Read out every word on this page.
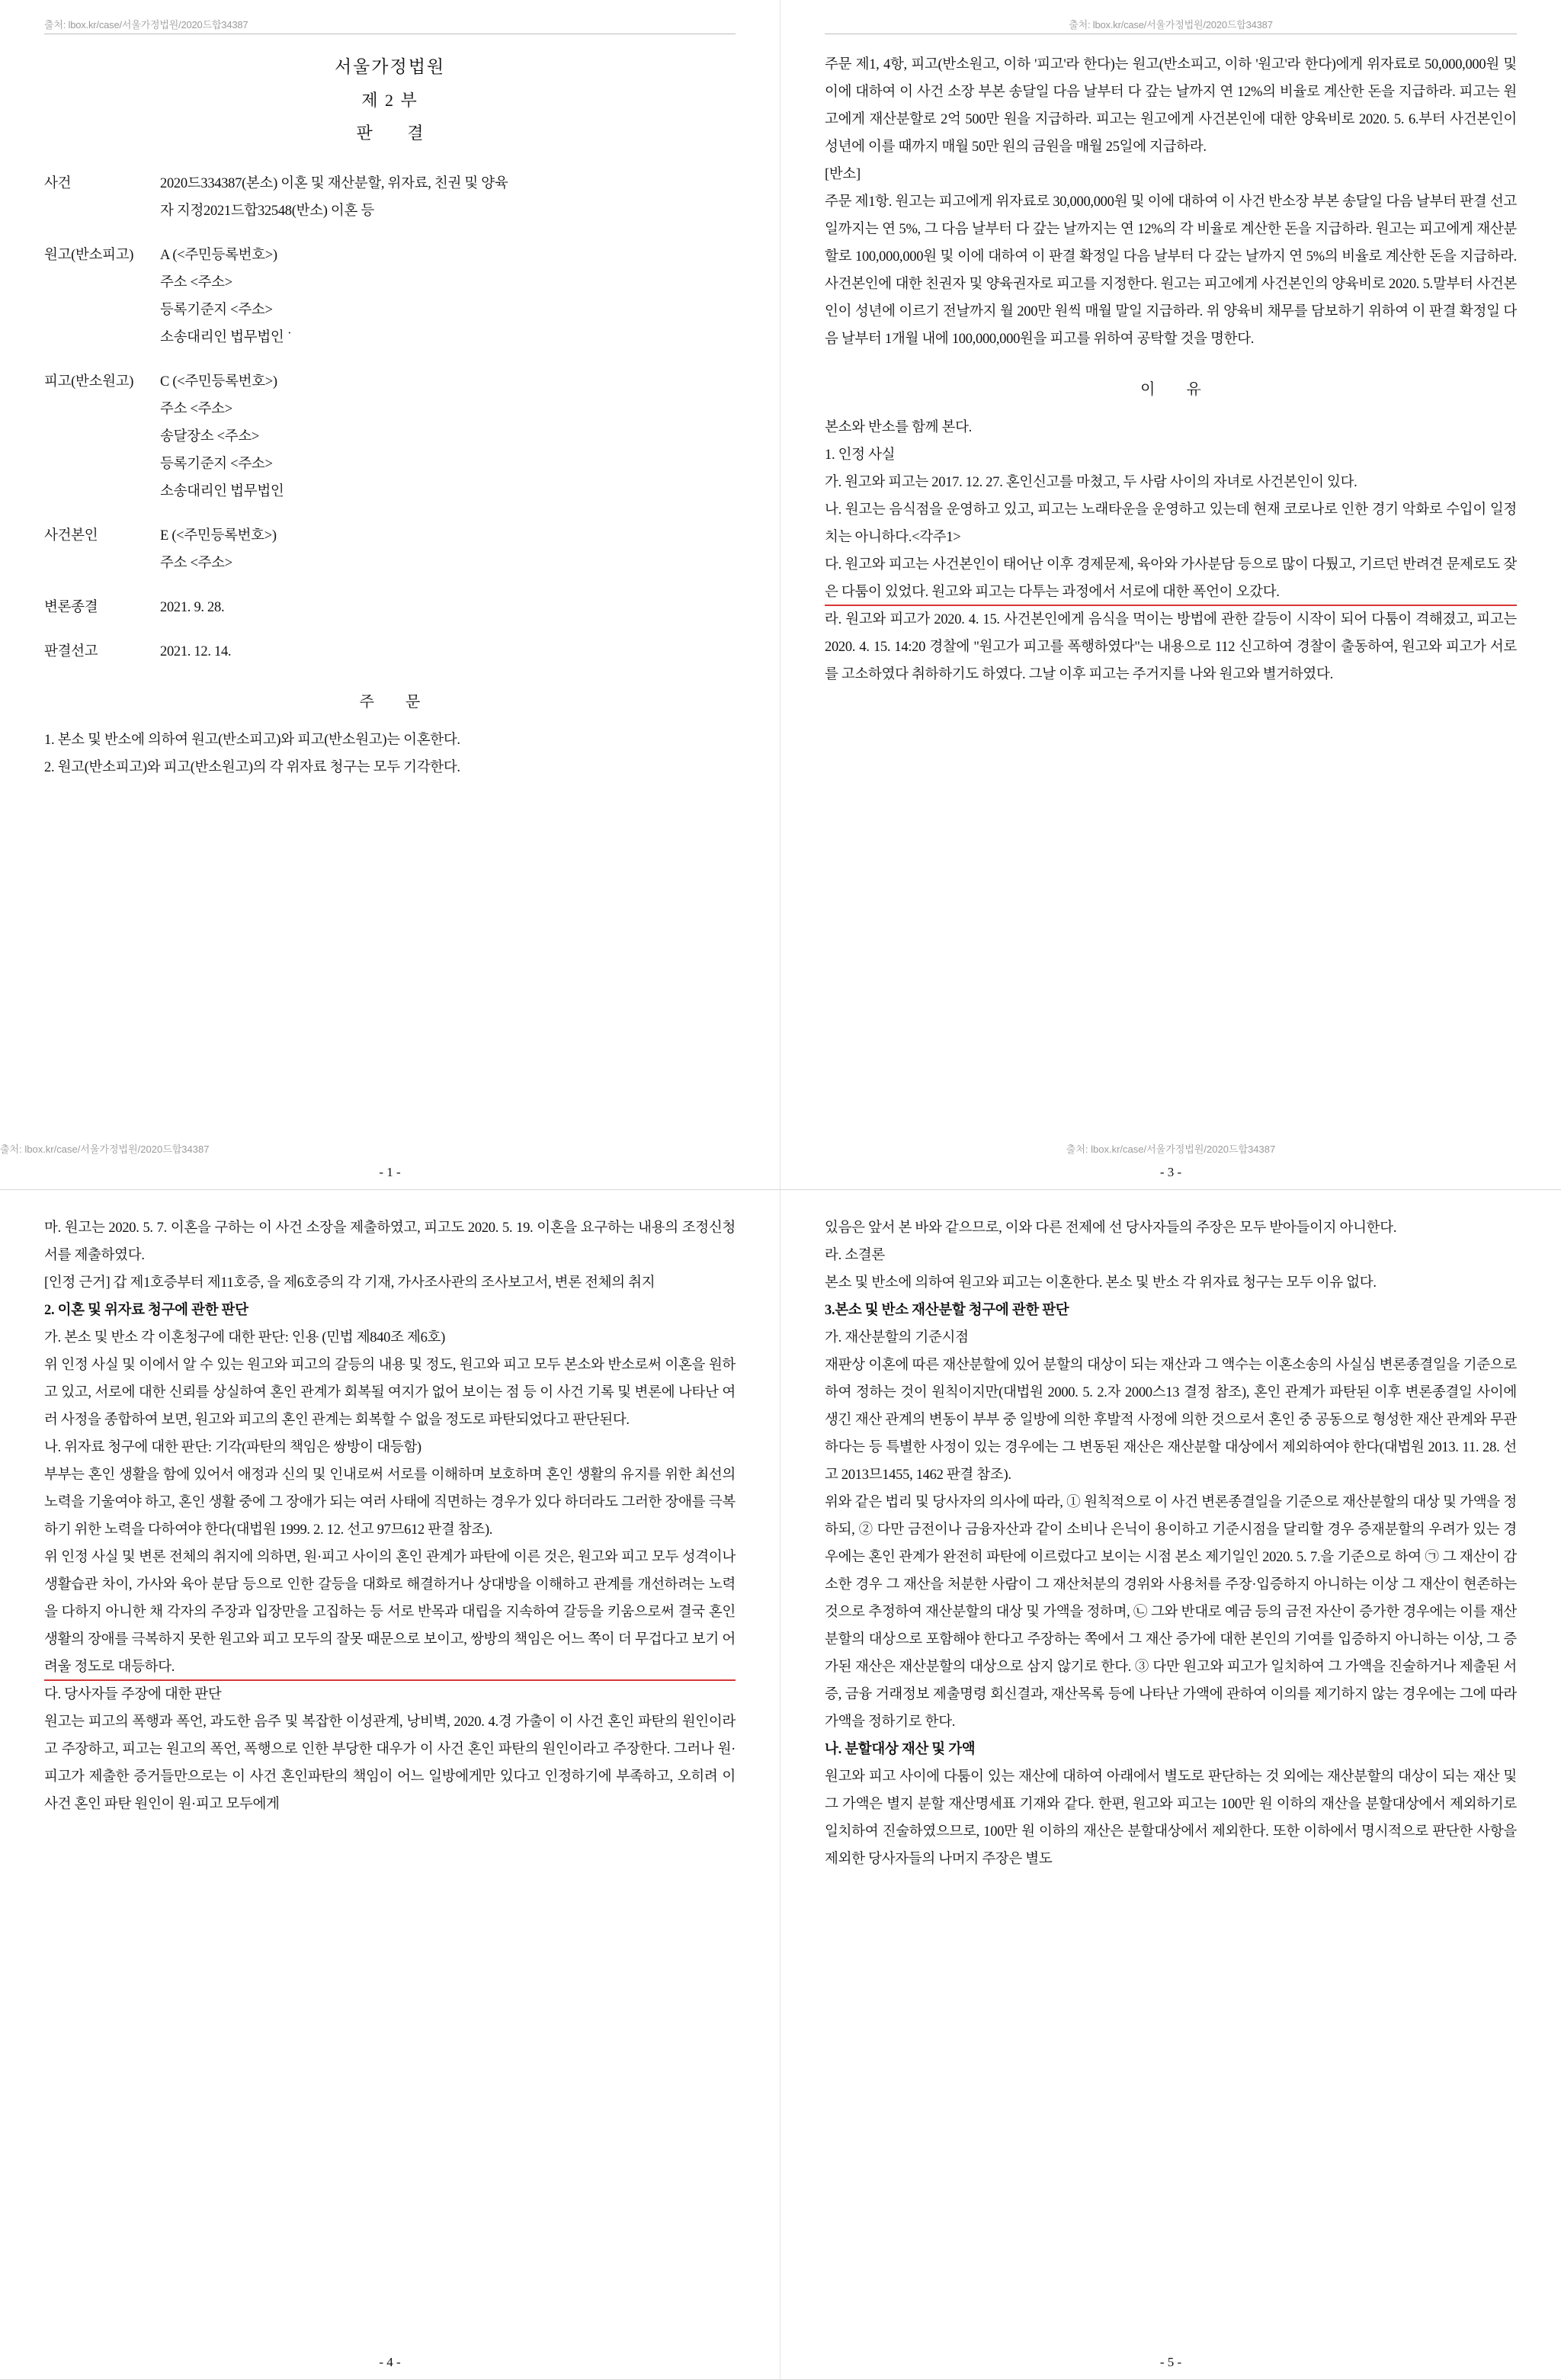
출처: lbox.kr/case/서울가정법원/2020드합34387
서울가정법원
제 2 부
판 결
사건	2020드334387(본소) 이혼 및 재산분할, 위자료, 친권 및 양육
자 지정2021드합32548(반소) 이혼 등
원고(반소피고)	A (<주민등록번호>)
주소 <주소>
등록기준지 <주소>
소송대리인 법무법인 ˙
피고(반소원고)	C (<주민등록번호>)
주소 <주소>
송달장소 <주소>
등록기준지 <주소>
소송대리인 법무법인
사건본인	E (<주민등록번호>)
주소 <주소>
변론종결	2021. 9. 28.
판결선고	2021. 12. 14.
주 문

1. 본소 및 반소에 의하여 원고(반소피고)와 피고(반소원고)는 이혼한다.

2. 원고(반소피고)와 피고(반소원고)의 각 위자료 청구는 모두 기각한다.

출처: lbox.kr/case/서울가정법원/2020드합34387
- 1 -
출처: lbox.kr/case/서울가정법원/2020드합34387

주문 제1, 4항, 피고(반소원고, 이하 '피고'라 한다)는 원고(반소피고, 이하 '원고'라 한다)에게 위자료로 50,000,000원 및 이에 대하여 이 사건 소장 부본 송달일 다음 날부터 다 갚는 날까지 연 12%의 비율로 계산한 돈을 지급하라. 피고는 원고에게 재산분할로 2억 500만 원을 지급하라. 피고는 원고에게 사건본인에 대한 양육비로 2020. 5. 6.부터 사건본인이 성년에 이를 때까지 매월 50만 원의 금원을 매월 25일에 지급하라.

[반소]

주문 제1항. 원고는 피고에게 위자료로 30,000,000원 및 이에 대하여 이 사건 반소장 부본 송달일 다음 날부터 판결 선고일까지는 연 5%, 그 다음 날부터 다 갚는 날까지는 연 12%의 각 비율로 계산한 돈을 지급하라. 원고는 피고에게 재산분할로 100,000,000원 및 이에 대하여 이 판결 확정일 다음 날부터 다 갚는 날까지 연 5%의 비율로 계산한 돈을 지급하라. 사건본인에 대한 친권자 및 양육권자로 피고를 지정한다. 원고는 피고에게 사건본인의 양육비로 2020. 5.말부터 사건본인이 성년에 이르기 전날까지 월 200만 원씩 매월 말일 지급하라. 위 양육비 채무를 담보하기 위하여 이 판결 확정일 다음 날부터 1개월 내에 100,000,000원을 피고를 위하여 공탁할 것을 명한다.

이 유

본소와 반소를 함께 본다.

1. 인정 사실

가. 원고와 피고는 2017. 12. 27. 혼인신고를 마쳤고, 두 사람 사이의 자녀로 사건본인이 있다.

나. 원고는 음식점을 운영하고 있고, 피고는 노래타운을 운영하고 있는데 현재 코로나로 인한 경기 악화로 수입이 일정치는 아니하다.<각주1>

다. 원고와 피고는 사건본인이 태어난 이후 경제문제, 육아와 가사분담 등으로 많이 다퉜고, 기르던 반려견 문제로도 잦은 다툼이 있었다. 원고와 피고는 다투는 과정에서 서로에 대한 폭언이 오갔다.

라. 원고와 피고가 2020. 4. 15. 사건본인에게 음식을 먹이는 방법에 관한 갈등이 시작이 되어 다툼이 격해졌고, 피고는 2020. 4. 15. 14:20 경찰에 "원고가 피고를 폭행하였다"는 내용으로 112 신고하여 경찰이 출동하여, 원고와 피고가 서로를 고소하였다 취하하기도 하였다. 그날 이후 피고는 주거지를 나와 원고와 별거하였다.

출처: lbox.kr/case/서울가정법원/2020드합34387
- 3 -

마. 원고는 2020. 5. 7. 이혼을 구하는 이 사건 소장을 제출하였고, 피고도 2020. 5. 19. 이혼을 요구하는 내용의 조정신청서를 제출하였다.

[인정 근거] 갑 제1호증부터 제11호증, 을 제6호증의 각 기재, 가사조사관의 조사보고서, 변론 전체의 취지

2. 이혼 및 위자료 청구에 관한 판단

가. 본소 및 반소 각 이혼청구에 대한 판단: 인용 (민법 제840조 제6호)

위 인정 사실 및 이에서 알 수 있는 원고와 피고의 갈등의 내용 및 정도, 원고와 피고 모두 본소와 반소로써 이혼을 원하고 있고, 서로에 대한 신뢰를 상실하여 혼인 관계가 회복될 여지가 없어 보이는 점 등 이 사건 기록 및 변론에 나타난 여러 사정을 종합하여 보면, 원고와 피고의 혼인 관계는 회복할 수 없을 정도로 파탄되었다고 판단된다.

나. 위자료 청구에 대한 판단: 기각(파탄의 책임은 쌍방이 대등함)

부부는 혼인 생활을 함에 있어서 애정과 신의 및 인내로써 서로를 이해하며 보호하며 혼인 생활의 유지를 위한 최선의 노력을 기울여야 하고, 혼인 생활 중에 그 장애가 되는 여러 사태에 직면하는 경우가 있다 하더라도 그러한 장애를 극복하기 위한 노력을 다하여야 한다(대법원 1999. 2. 12. 선고 97므612 판결 참조).

위 인정 사실 및 변론 전체의 취지에 의하면, 원·피고 사이의 혼인 관계가 파탄에 이른 것은, 원고와 피고 모두 성격이나 생활습관 차이, 가사와 육아 분담 등으로 인한 갈등을 대화로 해결하거나 상대방을 이해하고 관계를 개선하려는 노력을 다하지 아니한 채 각자의 주장과 입장만을 고집하는 등 서로 반목과 대립을 지속하여 갈등을 키움으로써 결국 혼인 생활의 장애를 극복하지 못한 원고와 피고 모두의 잘못 때문으로 보이고, 쌍방의 책임은 어느 쪽이 더 무겁다고 보기 어려울 정도로 대등하다.

다. 당사자들 주장에 대한 판단

원고는 피고의 폭행과 폭언, 과도한 음주 및 복잡한 이성관계, 낭비벽, 2020. 4.경 가출이 이 사건 혼인 파탄의 원인이라고 주장하고, 피고는 원고의 폭언, 폭행으로 인한 부당한 대우가 이 사건 혼인 파탄의 원인이라고 주장한다. 그러나 원·피고가 제출한 증거들만으로는 이 사건 혼인파탄의 책임이 어느 일방에게만 있다고 인정하기에 부족하고, 오히려 이 사건 혼인 파탄 원인이 원·피고 모두에게

- 4 -

있음은 앞서 본 바와 같으므로, 이와 다른 전제에 선 당사자들의 주장은 모두 받아들이지 아니한다.

라. 소결론

본소 및 반소에 의하여 원고와 피고는 이혼한다. 본소 및 반소 각 위자료 청구는 모두 이유 없다.

3.본소 및 반소 재산분할 청구에 관한 판단

가. 재산분할의 기준시점

재판상 이혼에 따른 재산분할에 있어 분할의 대상이 되는 재산과 그 액수는 이혼소송의 사실심 변론종결일을 기준으로 하여 정하는 것이 원칙이지만(대법원 2000. 5. 2.자 2000스13 결정 참조), 혼인 관계가 파탄된 이후 변론종결일 사이에 생긴 재산 관계의 변동이 부부 중 일방에 의한 후발적 사정에 의한 것으로서 혼인 중 공동으로 형성한 재산 관계와 무관하다는 등 특별한 사정이 있는 경우에는 그 변동된 재산은 재산분할 대상에서 제외하여야 한다(대법원 2013. 11. 28. 선고 2013므1455, 1462 판결 참조).

위와 같은 법리 및 당사자의 의사에 따라, ① 원칙적으로 이 사건 변론종결일을 기준으로 재산분할의 대상 및 가액을 정하되, ② 다만 금전이나 금융자산과 같이 소비나 은닉이 용이하고 기준시점을 달리할 경우 증재분할의 우려가 있는 경우에는 혼인 관계가 완전히 파탄에 이르렀다고 보이는 시점 본소 제기일인 2020. 5. 7.을 기준으로 하여 ㉠ 그 재산이 감소한 경우 그 재산을 처분한 사람이 그 재산처분의 경위와 사용처를 주장·입증하지 아니하는 이상 그 재산이 현존하는 것으로 추정하여 재산분할의 대상 및 가액을 정하며, ㉡ 그와 반대로 예금 등의 금전 자산이 증가한 경우에는 이를 재산분할의 대상으로 포함해야 한다고 주장하는 쪽에서 그 재산 증가에 대한 본인의 기여를 입증하지 아니하는 이상, 그 증가된 재산은 재산분할의 대상으로 삼지 않기로 한다. ③ 다만 원고와 피고가 일치하여 그 가액을 진술하거나 제출된 서증, 금융 거래정보 제출명령 회신결과, 재산목록 등에 나타난 가액에 관하여 이의를 제기하지 않는 경우에는 그에 따라 가액을 정하기로 한다.

나. 분할대상 재산 및 가액

원고와 피고 사이에 다툼이 있는 재산에 대하여 아래에서 별도로 판단하는 것 외에는 재산분할의 대상이 되는 재산 및 그 가액은 별지 분할 재산명세표 기재와 같다. 한편, 원고와 피고는 100만 원 이하의 재산을 분할대상에서 제외하기로 일치하여 진술하였으므로, 100만 원 이하의 재산은 분할대상에서 제외한다. 또한 이하에서 명시적으로 판단한 사항을 제외한 당사자들의 나머지 주장은 별도

- 5 -
